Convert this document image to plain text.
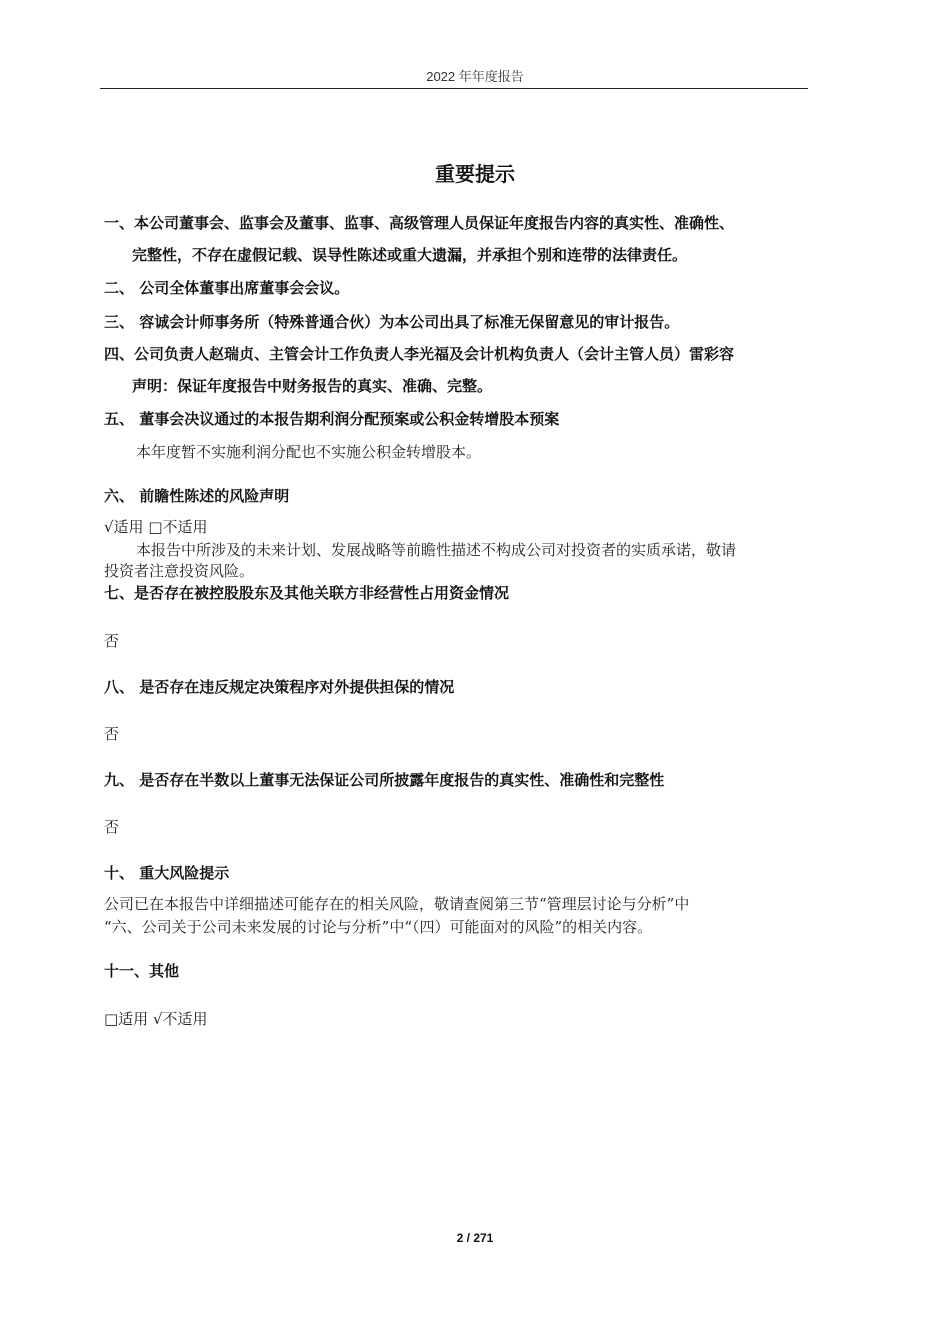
2022 年年度报告
重要提示
一、本公司董事会、监事会及董事、监事、高级管理人员保证年度报告内容的真实性、准确性、
完整性，不存在虚假记载、误导性陈述或重大遗漏，并承担个别和连带的法律责任。
二、 公司全体董事出席董事会会议。
三、 容诚会计师事务所（特殊普通合伙）为本公司出具了标准无保留意见的审计报告。
四、公司负责人赵瑞贞、主管会计工作负责人李光福及会计机构负责人（会计主管人员）雷彩容
声明：保证年度报告中财务报告的真实、准确、完整。
五、 董事会决议通过的本报告期利润分配预案或公积金转增股本预案
本年度暂不实施利润分配也不实施公积金转增股本。
六、 前瞻性陈述的风险声明
√适用 □不适用
本报告中所涉及的未来计划、发展战略等前瞻性描述不构成公司对投资者的实质承诺，敬请
投资者注意投资风险。
七、是否存在被控股股东及其他关联方非经营性占用资金情况
否
八、 是否存在违反规定决策程序对外提供担保的情况
否
九、 是否存在半数以上董事无法保证公司所披露年度报告的真实性、准确性和完整性
否
十、 重大风险提示
公司已在本报告中详细描述可能存在的相关风险，敬请查阅第三节“管理层讨论与分析”中
“六、公司关于公司未来发展的讨论与分析”中“（四）可能面对的风险”的相关内容。
十一、其他
□适用 √不适用
2 / 271
